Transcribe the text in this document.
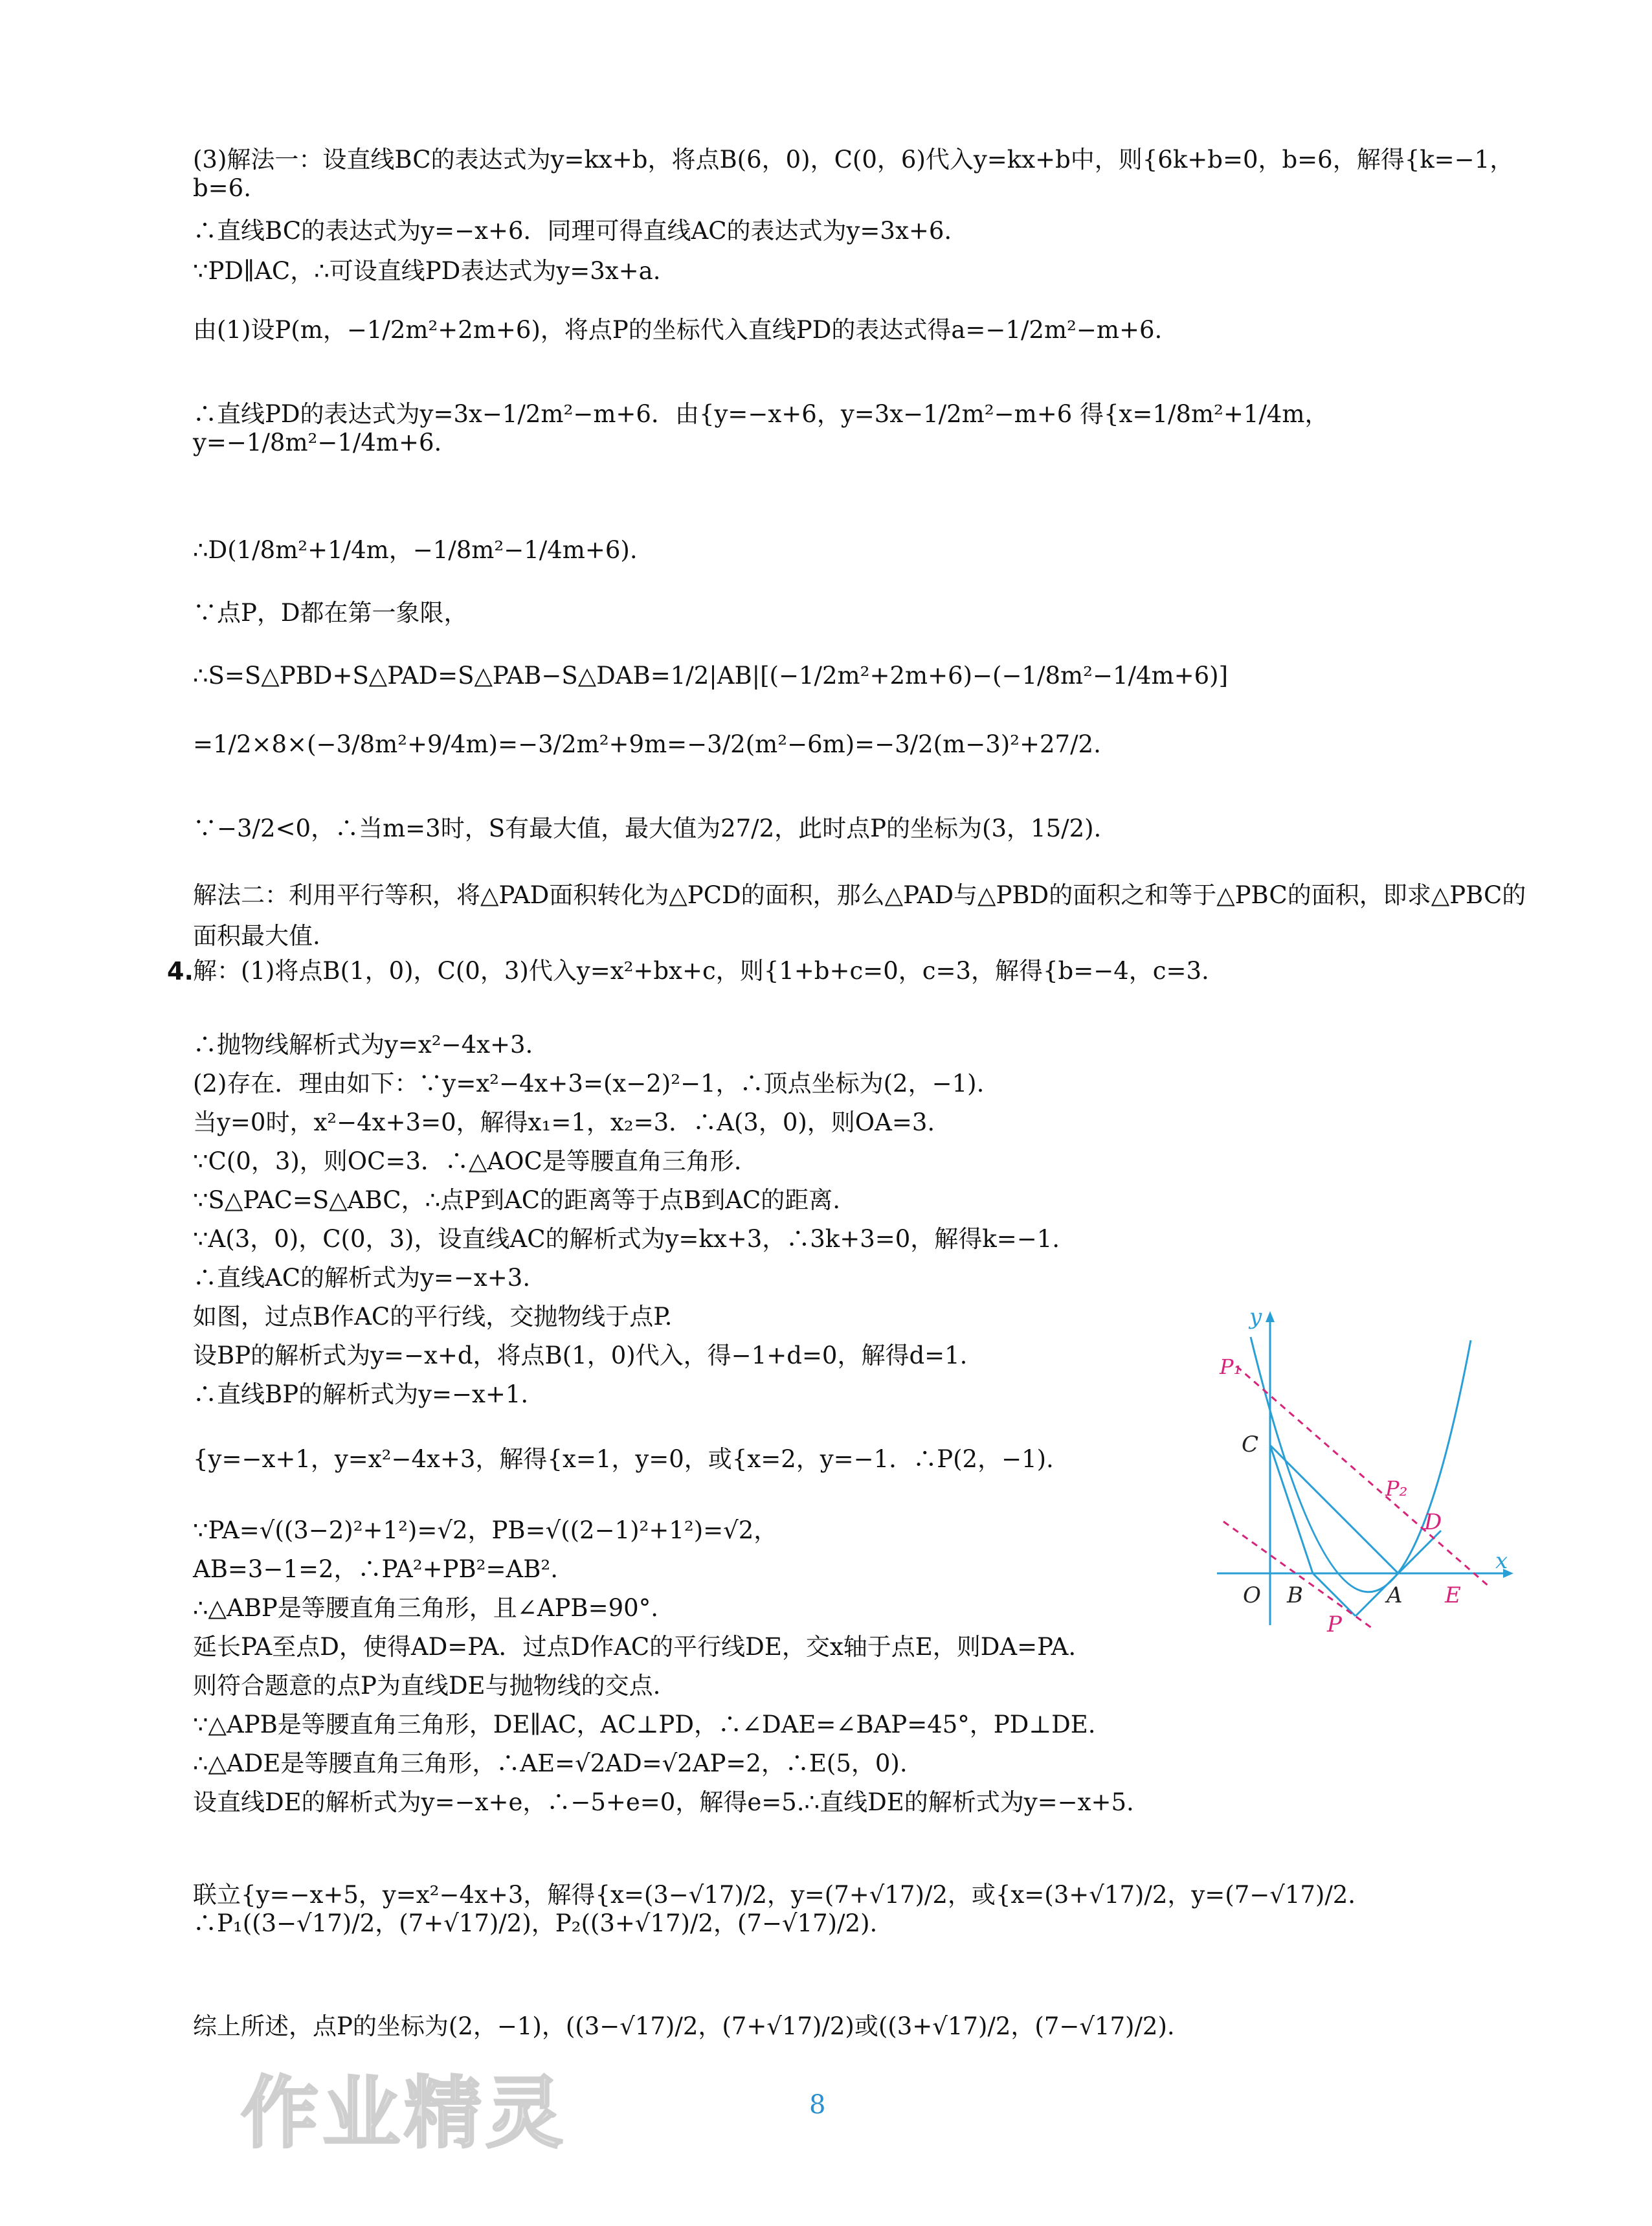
(3)解法一：设直线BC的表达式为y=kx+b，将点B(6，0)，C(0，6)代入y=kx+b中，则{6k+b=0，b=6，解得{k=−1，b=6.
∴直线BC的表达式为y=−x+6．同理可得直线AC的表达式为y=3x+6.
∵PD∥AC，∴可设直线PD表达式为y=3x+a.
由(1)设P(m，−1/2m²+2m+6)，将点P的坐标代入直线PD的表达式得a=−1/2m²−m+6.
∴直线PD的表达式为y=3x−1/2m²−m+6．由{y=−x+6，y=3x−1/2m²−m+6 得{x=1/8m²+1/4m，y=−1/8m²−1/4m+6.
∴D(1/8m²+1/4m，−1/8m²−1/4m+6).
∵点P，D都在第一象限，
∴S=S△PBD+S△PAD=S△PAB−S△DAB=1/2|AB|[(−1/2m²+2m+6)−(−1/8m²−1/4m+6)]
=1/2×8×(−3/8m²+9/4m)=−3/2m²+9m=−3/2(m²−6m)=−3/2(m−3)²+27/2.
∵−3/2<0，∴当m=3时，S有最大值，最大值为27/2，此时点P的坐标为(3，15/2).
解法二：利用平行等积，将△PAD面积转化为△PCD的面积，那么△PAD与△PBD的面积之和等于△PBC的面积，即求△PBC的面积最大值.
4. 解：(1)将点B(1，0)，C(0，3)代入y=x²+bx+c，则{1+b+c=0，c=3，解得{b=−4，c=3.
∴抛物线解析式为y=x²−4x+3.
(2)存在．理由如下：∵y=x²−4x+3=(x−2)²−1，∴顶点坐标为(2，−1).
当y=0时，x²−4x+3=0，解得x₁=1，x₂=3．∴A(3，0)，则OA=3.
∵C(0，3)，则OC=3．∴△AOC是等腰直角三角形.
∵S△PAC=S△ABC，∴点P到AC的距离等于点B到AC的距离.
∵A(3，0)，C(0，3)，设直线AC的解析式为y=kx+3，∴3k+3=0，解得k=−1.
∴直线AC的解析式为y=−x+3.
如图，过点B作AC的平行线，交抛物线于点P.
设BP的解析式为y=−x+d，将点B(1，0)代入，得−1+d=0，解得d=1.
∴直线BP的解析式为y=−x+1.
{y=−x+1，y=x²−4x+3，解得{x=1，y=0，或{x=2，y=−1．∴P(2，−1).
∵PA=√((3−2)²+1²)=√2，PB=√((2−1)²+1²)=√2，
AB=3−1=2，∴PA²+PB²=AB².
∴△ABP是等腰直角三角形，且∠APB=90°.
延长PA至点D，使得AD=PA．过点D作AC的平行线DE，交x轴于点E，则DA=PA.
则符合题意的点P为直线DE与抛物线的交点.
∵△APB是等腰直角三角形，DE∥AC，AC⊥PD，∴∠DAE=∠BAP=45°，PD⊥DE.
∴△ADE是等腰直角三角形，∴AE=√2AD=√2AP=2，∴E(5，0).
设直线DE的解析式为y=−x+e，∴−5+e=0，解得e=5.∴直线DE的解析式为y=−x+5.
联立{y=−x+5，y=x²−4x+3，解得{x=(3−√17)/2，y=(7+√17)/2，或{x=(3+√17)/2，y=(7−√17)/2．∴P₁((3−√17)/2，(7+√17)/2)，P₂((3+√17)/2，(7−√17)/2).
综上所述，点P的坐标为(2，−1)，((3−√17)/2，(7+√17)/2)或((3+√17)/2，(7−√17)/2).
y
x
O B	A E
C
P
P₁
P₂
D
作业精灵	8
